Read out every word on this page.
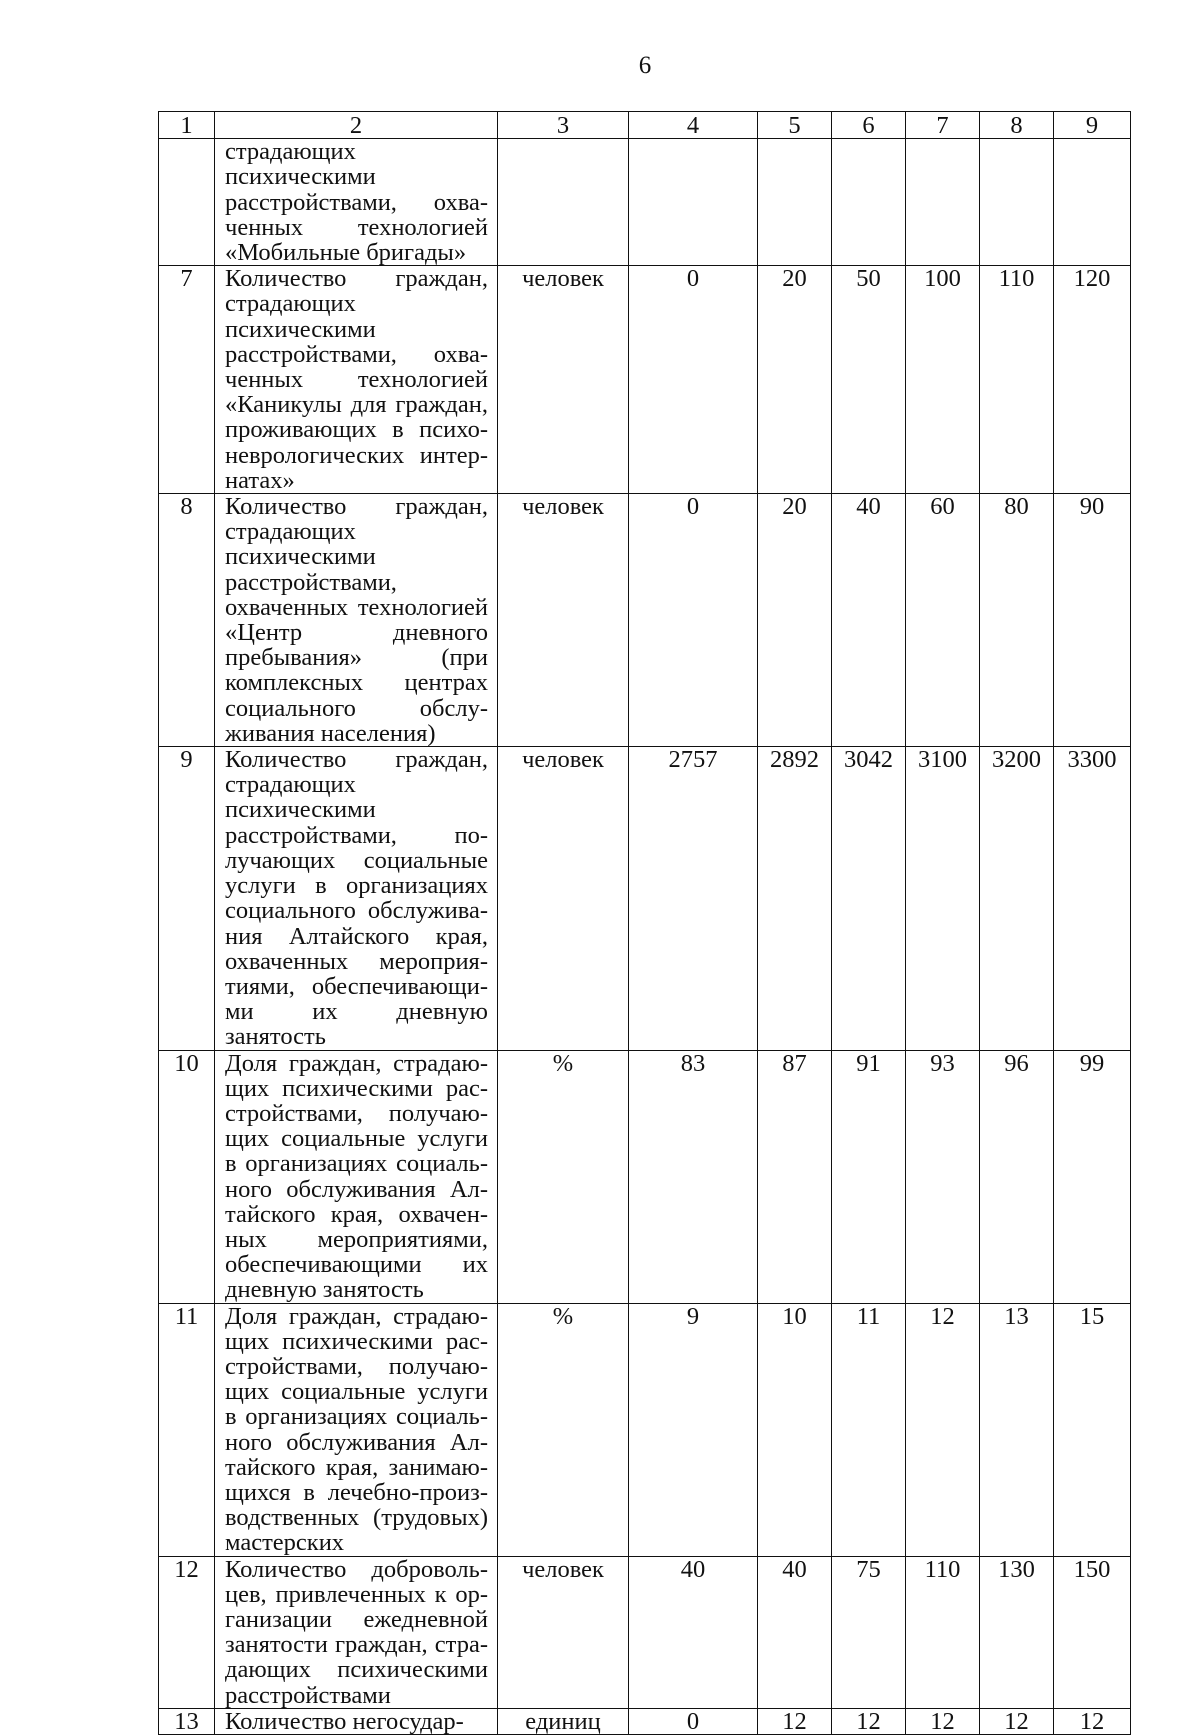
6
1	2	3	4	5	6	7	8	9
	страдающих психическими расстройствами, охваченных технологией «Мобильные бригады»							
7	Количество граждан, страдающих психическими расстройствами, охваченных технологией «Каникулы для граждан, проживающих в психоневрологических интернатах»	человек	0	20	50	100	110	120
8	Количество граждан, страдающих психическими расстройствами, охваченных технологией «Центр дневного пребывания» (при комплексных центрах социального обслуживания населения)	человек	0	20	40	60	80	90
9	Количество граждан, страдающих психическими расстройствами, получающих социальные услуги в организациях социального обслуживания Алтайского края, охваченных мероприятиями, обеспечивающими их дневную занятость	человек	2757	2892	3042	3100	3200	3300
10	Доля граждан, страдающих психическими расстройствами, получающих социальные услуги в организациях социального обслуживания Алтайского края, охваченных мероприятиями, обеспечивающими их дневную занятость	%	83	87	91	93	96	99
11	Доля граждан, страдающих психическими расстройствами, получающих социальные услуги в организациях социального обслуживания Алтайского края, занимающихся в лечебно-производственных (трудовых) мастерских	%	9	10	11	12	13	15
12	Количество добровольцев, привлеченных к организации ежедневной занятости граждан, страдающих психическими расстройствами	человек	40	40	75	110	130	150
13	Количество негосудар-	единиц	0	12	12	12	12	12
